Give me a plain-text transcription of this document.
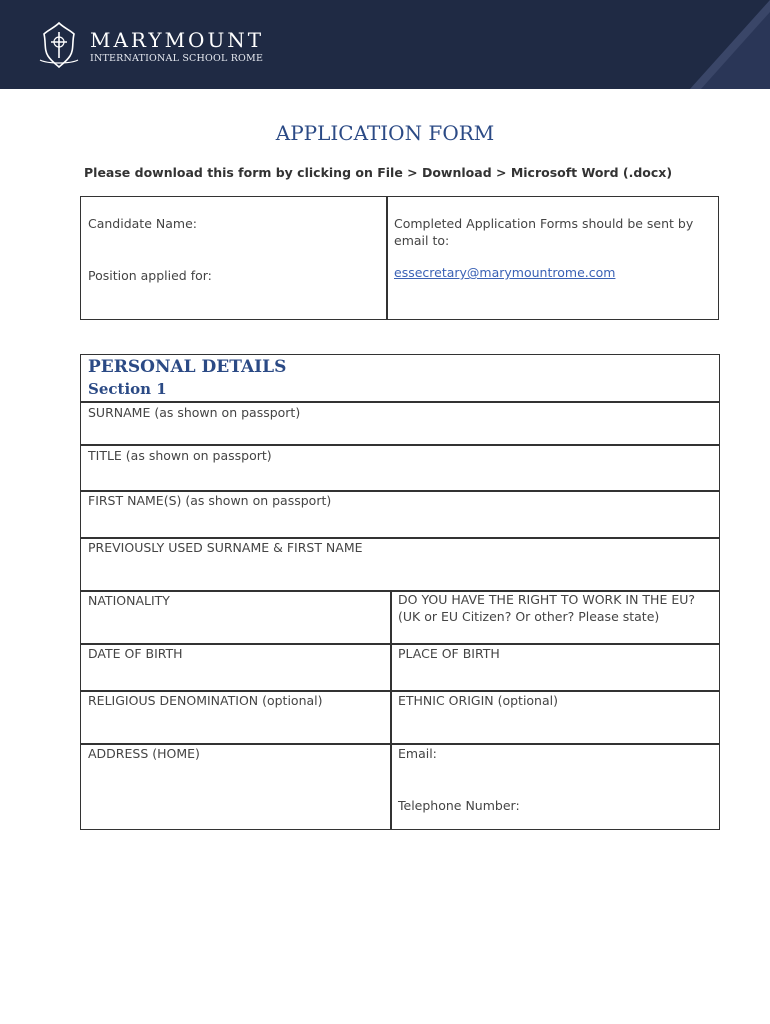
MARYMOUNT
INTERNATIONAL SCHOOL ROME
APPLICATION FORM
Please download this form by clicking on File > Download > Microsoft Word (.docx)
Candidate Name:
Position applied for:
Completed Application Forms should be sent by email to:
essecretary@marymountrome.com
PERSONAL DETAILS
Section 1
SURNAME (as shown on passport)
TITLE (as shown on passport)
FIRST NAME(S) (as shown on passport)
PREVIOUSLY USED SURNAME & FIRST NAME
NATIONALITY	DO YOU HAVE THE RIGHT TO WORK IN THE EU? (UK or EU Citizen? Or other? Please state)
DATE OF BIRTH	PLACE OF BIRTH
RELIGIOUS DENOMINATION (optional)	ETHNIC ORIGIN (optional)
ADDRESS (HOME)	Email:
Telephone Number:
